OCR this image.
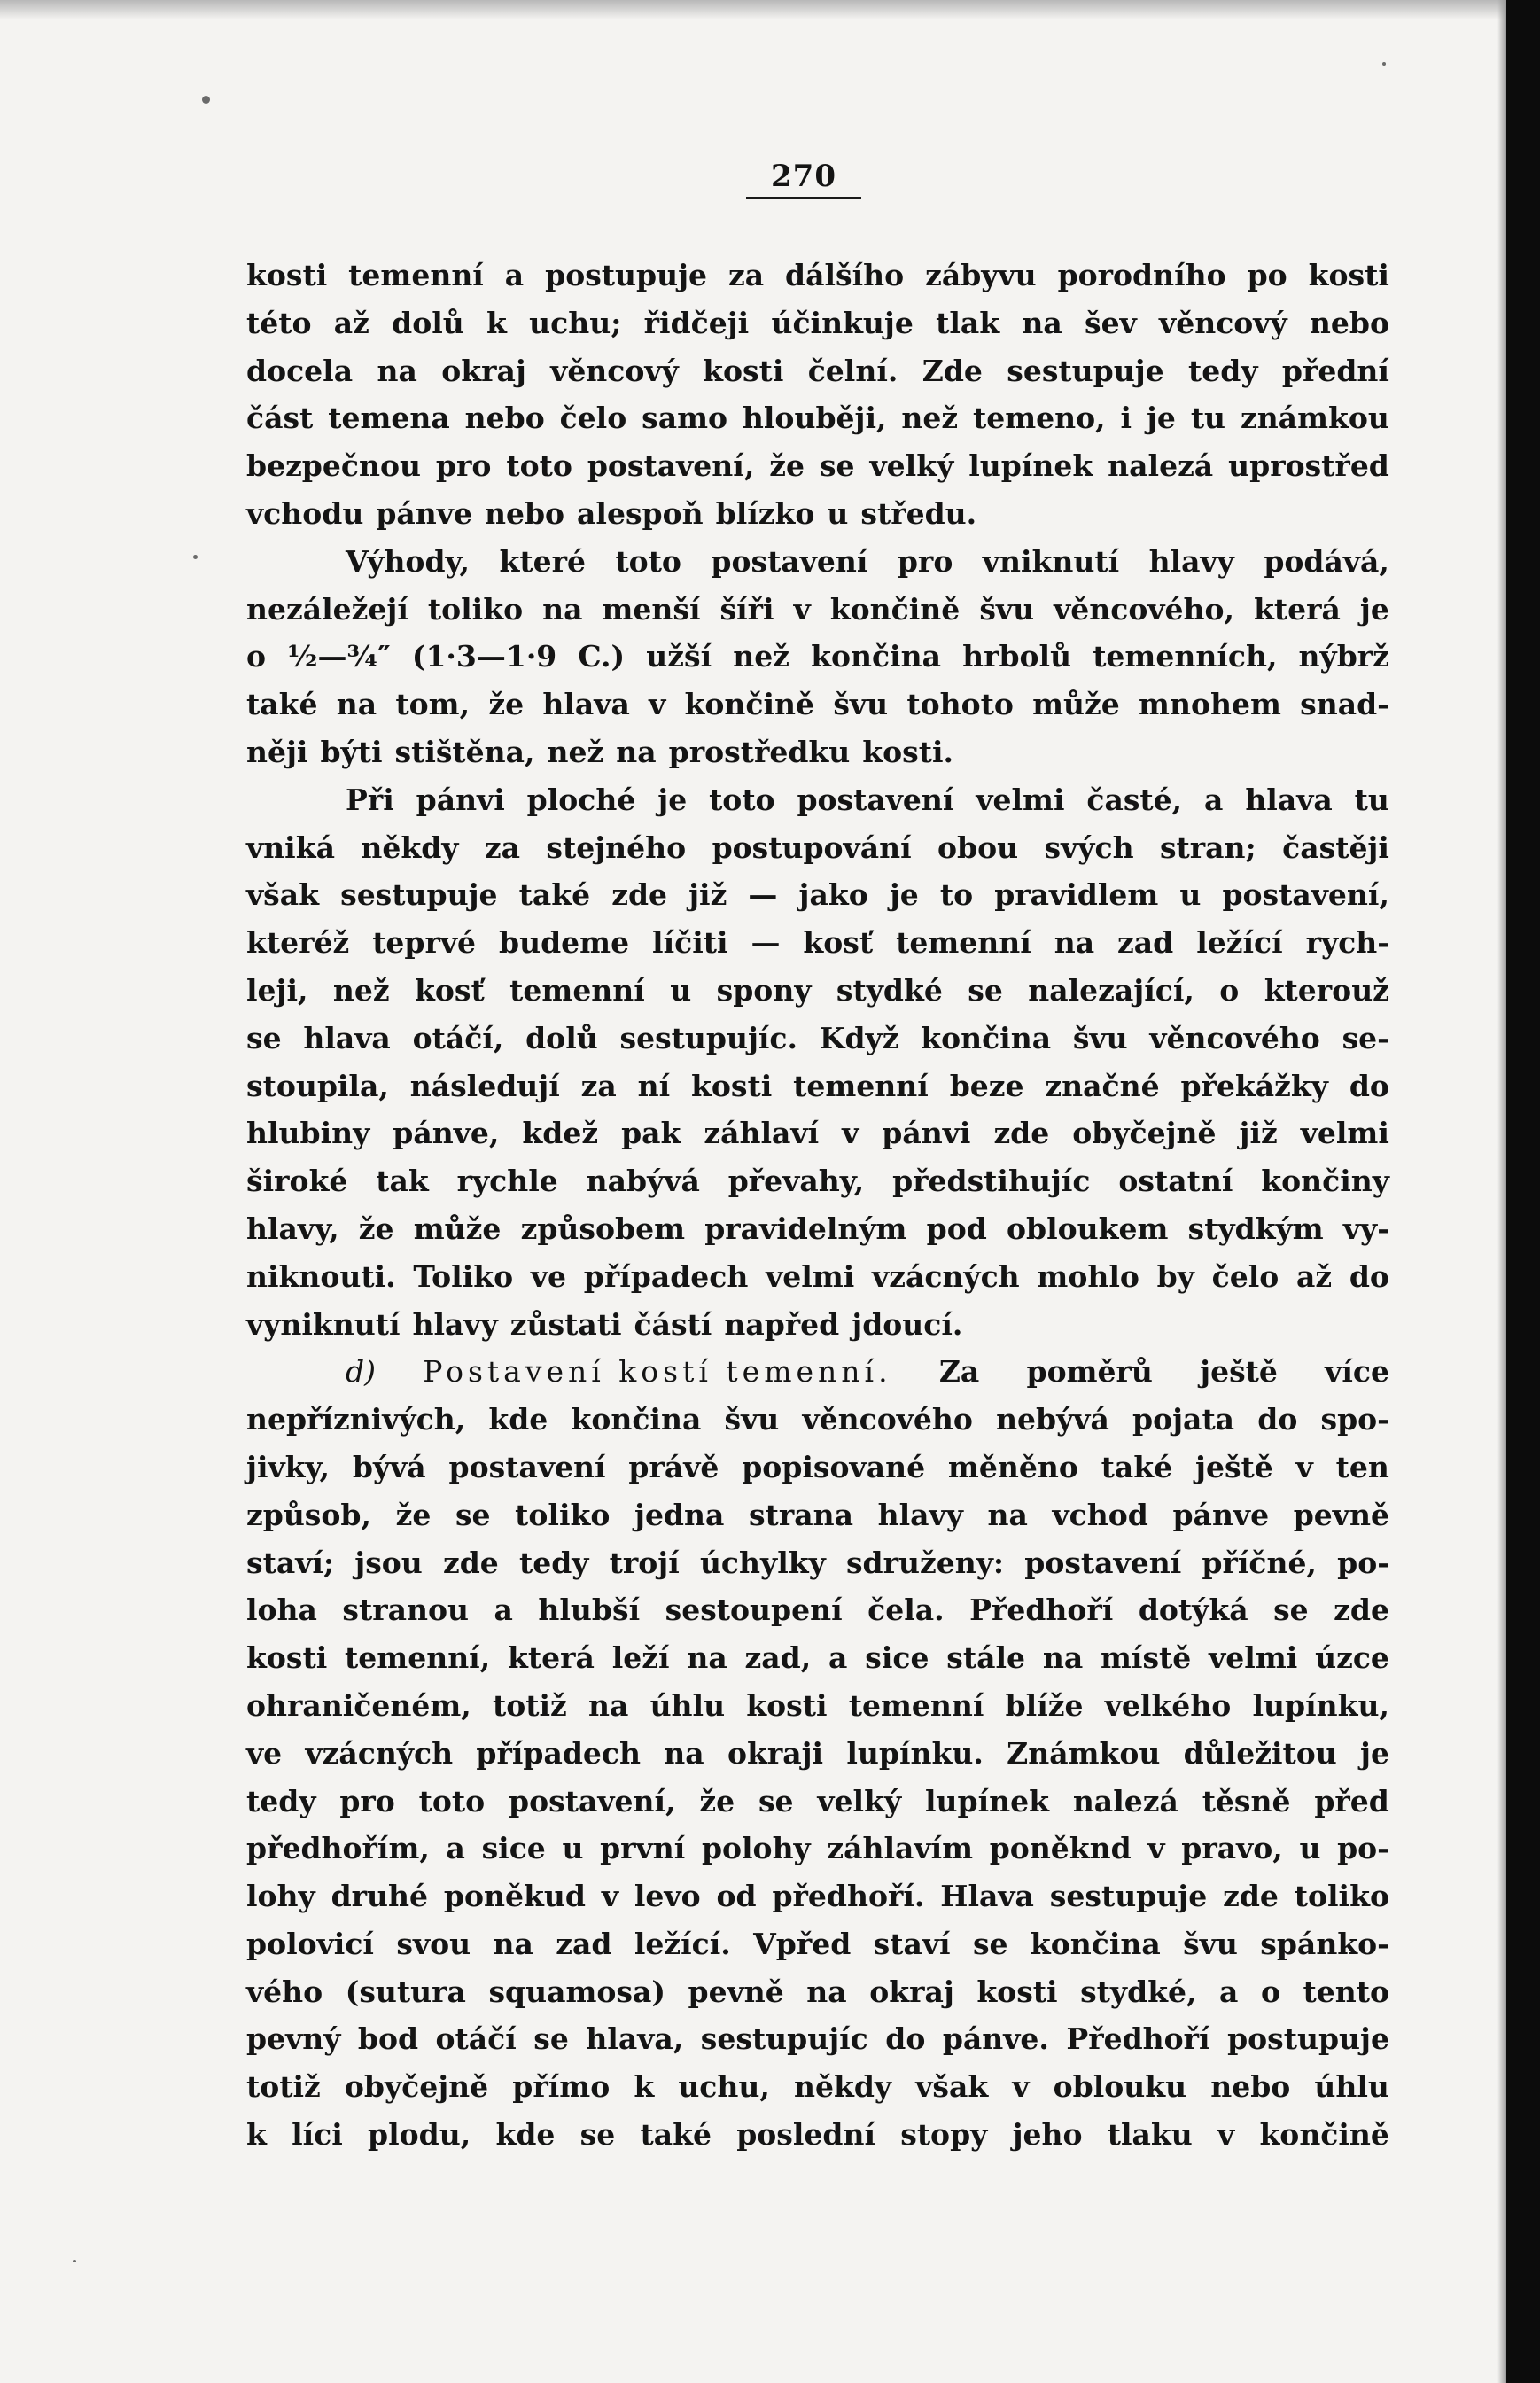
270
kosti temenní a postupuje za dálšího zábyvu porodního po kosti
této až dolů k uchu; řidčeji účinkuje tlak na šev věncový nebo
docela na okraj věncový kosti čelní. Zde sestupuje tedy přední
část temena nebo čelo samo hlouběji, než temeno, i je tu známkou
bezpečnou pro toto postavení, že se velký lupínek nalezá uprostřed
vchodu pánve nebo alespoň blízko u středu.
Výhody, které toto postavení pro vniknutí hlavy podává,
nezáležejí toliko na menší šíři v končině švu věncového, která je
o ½—¾″ (1·3—1·9 C.) užší než končina hrbolů temenních, nýbrž
také na tom, že hlava v končině švu tohoto může mnohem snad-
něji býti stištěna, než na prostředku kosti.
Při pánvi ploché je toto postavení velmi časté, a hlava tu
vniká někdy za stejného postupování obou svých stran; častěji
však sestupuje také zde již — jako je to pravidlem u postavení,
kteréž teprvé budeme líčiti — kosť temenní na zad ležící rych-
leji, než kosť temenní u spony stydké se nalezající, o kterouž
se hlava otáčí, dolů sestupujíc. Když končina švu věncového se-
stoupila, následují za ní kosti temenní beze značné překážky do
hlubiny pánve, kdež pak záhlaví v pánvi zde obyčejně již velmi
široké tak rychle nabývá převahy, předstihujíc ostatní končiny
hlavy, že může způsobem pravidelným pod obloukem stydkým vy-
niknouti. Toliko ve případech velmi vzácných mohlo by čelo až do
vyniknutí hlavy zůstati částí napřed jdoucí.
d) Postavení kostí temenní. Za poměrů ještě více
nepříznivých, kde končina švu věncového nebývá pojata do spo-
jivky, bývá postavení právě popisované měněno také ještě v ten
způsob, že se toliko jedna strana hlavy na vchod pánve pevně
staví; jsou zde tedy trojí úchylky sdruženy: postavení příčné, po-
loha stranou a hlubší sestoupení čela. Předhoří dotýká se zde
kosti temenní, která leží na zad, a sice stále na místě velmi úzce
ohraničeném, totiž na úhlu kosti temenní blíže velkého lupínku,
ve vzácných případech na okraji lupínku. Známkou důležitou je
tedy pro toto postavení, že se velký lupínek nalezá těsně před
předhořím, a sice u první polohy záhlavím poněknd v pravo, u po-
lohy druhé poněkud v levo od předhoří. Hlava sestupuje zde toliko
polovicí svou na zad ležící. Vpřed staví se končina švu spánko-
vého (sutura squamosa) pevně na okraj kosti stydké, a o tento
pevný bod otáčí se hlava, sestupujíc do pánve. Předhoří postupuje
totiž obyčejně přímo k uchu, někdy však v oblouku nebo úhlu
k líci plodu, kde se také poslední stopy jeho tlaku v končině
